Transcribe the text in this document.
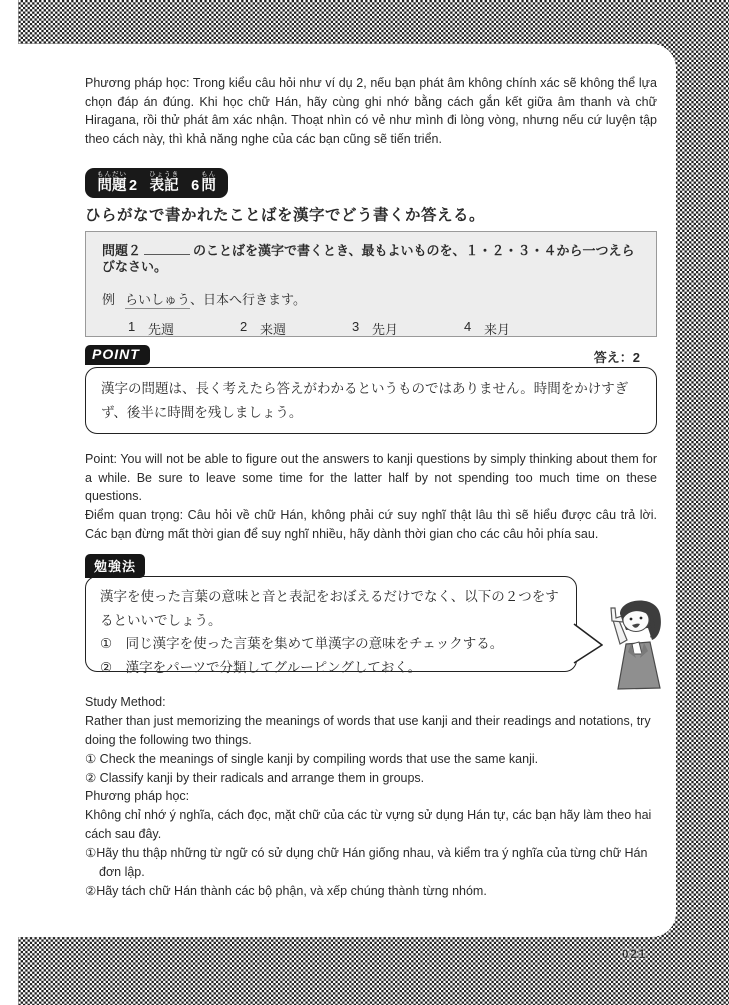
021
Phương pháp học: Trong kiểu câu hỏi như ví dụ 2, nếu bạn phát âm không chính xác sẽ không thể lựa chọn đáp án đúng. Khi học chữ Hán, hãy cùng ghi nhớ bằng cách gắn kết giữa âm thanh và chữ Hiragana, rồi thử phát âm xác nhận. Thoạt nhìn có vẻ như mình đi lòng vòng, nhưng nếu cứ luyện tập theo cách này, thì khả năng nghe của các bạn cũng sẽ tiến triển.
もんだい
問題 2
ひょうき
表記 6
もん
問
ひらがなで書かれたことばを漢字でどう書くか答える。
問題２	のことばを漢字で書くとき、最もよいものを、１・２・３・４から一つえらびなさい。
例 らいしゅう、日本へ行きます。
1 先週	2 来週	3 先月	4 来月
答え：2
POINT
漢字の問題は、長く考えたら答えがわかるというものではありません。時間をかけすぎず、後半に時間を残しましょう。
Point: You will not be able to figure out the answers to kanji questions by simply thinking about them for a while. Be sure to leave some time for the latter half by not spending too much time on these questions.
Điểm quan trọng: Câu hỏi về chữ Hán, không phải cứ suy nghĩ thật lâu thì sẽ hiểu được câu trả lời. Các bạn đừng mất thời gian để suy nghĩ nhiều, hãy dành thời gian cho các câu hỏi phía sau.
勉強法
漢字を使った言葉の意味と音と表記をおぼえるだけでなく、以下の２つをするといいでしょう。
①　同じ漢字を使った言葉を集めて単漢字の意味をチェックする。
②　漢字をパーツで分類してグルーピングしておく。
Study Method:
Rather than just memorizing the meanings of words that use kanji and their readings and notations, try doing the following two things.
① Check the meanings of single kanji by compiling words that use the same kanji.
② Classify kanji by their radicals and arrange them in groups.
Phương pháp học:
Không chỉ nhớ ý nghĩa, cách đọc, mặt chữ của các từ vựng sử dụng Hán tự, các bạn hãy làm theo hai cách sau đây.
①Hãy thu thập những từ ngữ có sử dụng chữ Hán giống nhau, và kiểm tra ý nghĩa của từng chữ Hán đơn lập.
②Hãy tách chữ Hán thành các bộ phận, và xếp chúng thành từng nhóm.
